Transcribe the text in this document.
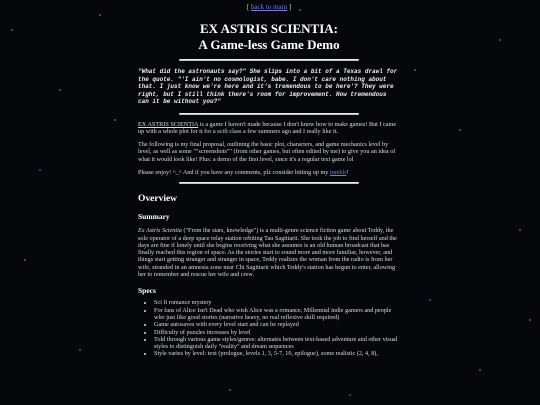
[ back to main ]
EX ASTRIS SCIENTIA:
A Game-less Game Demo
"What did the astronauts say?" She slips into a bit of a Texas drawl for the quote. "'I ain't no cosmologist, babe. I don't care nothing about that. I just know we're here and it's tremendous to be here'? They were right, but I still think there's room for improvement. How tremendous can it be without you?"

EX ASTRIS SCIENTIA is a game I haven't made because I don't know how to make games! But I came up with a whole plot for it for a scifi class a few summers ago and I really like it.

The following is my final proposal, outlining the basic plot, characters, and game mechanics level by level, as well as some ""screenshots"" (from other games, but often edited by me) to give you an idea of what it would look like! Plus: a demo of the first level, since it's a regular text game lol

Please enjoy! ^_^ And if you have any comments, plz consider hitting up my tumblr!

Overview
Summary

Ex Astris Scientia ("From the stars, knowledge") is a multi-genre science fiction game about Teddy, the sole operator of a deep space relay station orbiting Tau Sagittarii. She took the job to find herself and the days are fine if lonely until she begins receiving what she assumes is an old human broadcast that has finally reached this region of space. As the stories start to sound more and more familiar, however, and things start getting stranger and stranger in space, Teddy realizes the woman from the radio is from her wife, stranded in an amnesia zone near Chi Sagittarii which Teddy's station has begun to enter, allowing her to remember and rescue her wife and crew.

Specs
• Sci fi romance mystery
• For fans of Alice Isn't Dead who wish Alice was a romance. Millennial indie gamers and people who just like good stories (narrative heavy, no real reflexive skill required)
• Game autosaves with every level start and can be replayed
• Difficulty of puzzles increases by level
• Told through various game styles/genres: alternates between text-based adventure and other visual styles to distinguish daily "reality" and dream sequences
• Style varies by level: text (prologue, levels 1, 3, 5-7, 10, epilogue), some realistic (2, 4, 8),
